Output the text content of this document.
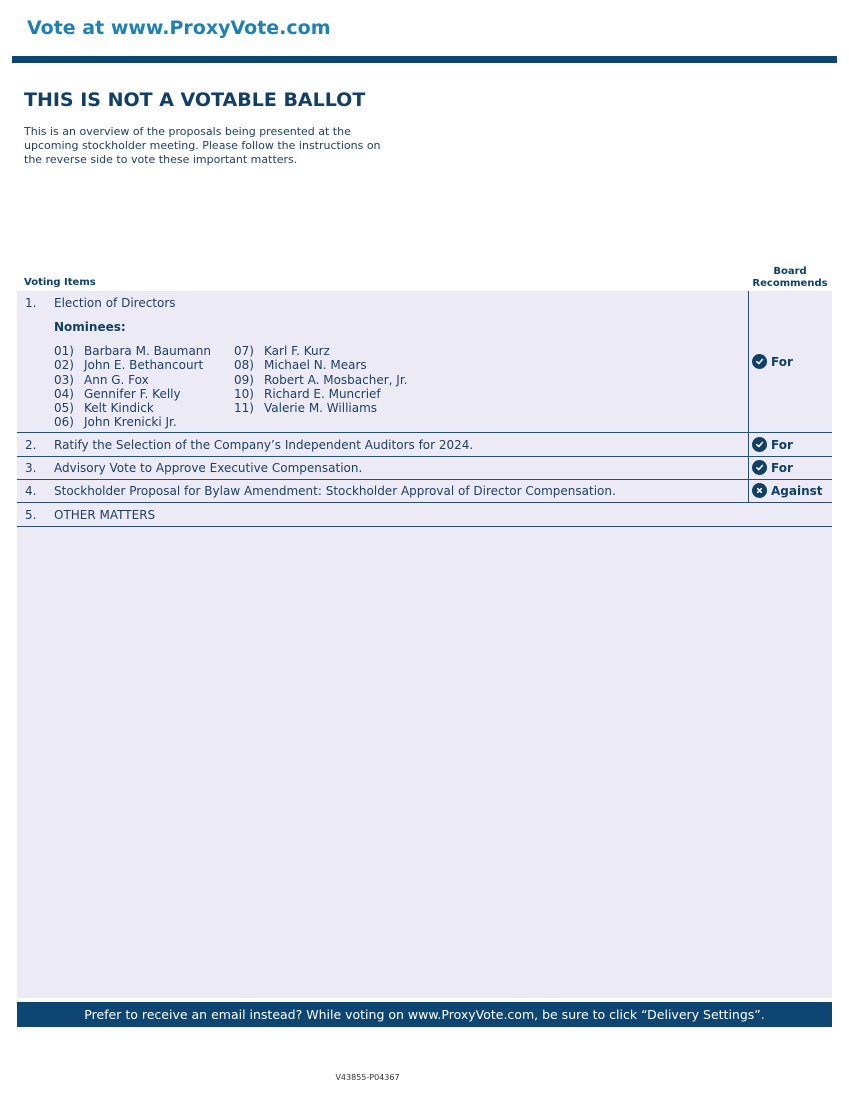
Vote at www.ProxyVote.com
THIS IS NOT A VOTABLE BALLOT

This is an overview of the proposals being presented at the

upcoming stockholder meeting. Please follow the instructions on

the reverse side to vote these important matters.

Voting Items
Board
Recommends
1. Election of Directors
Nominees:
01) Barbara M. Baumann
02) John E. Bethancourt
03) Ann G. Fox
04) Gennifer F. Kelly
05) Kelt Kindick
06) John Krenicki Jr.
07) Karl F. Kurz
08) Michael N. Mears
09) Robert A. Mosbacher, Jr.
10) Richard E. Muncrief
11) Valerie M. Williams
For
2. Ratify the Selection of the Company’s Independent Auditors for 2024.	For
3. Advisory Vote to Approve Executive Compensation.	For
4. Stockholder Proposal for Bylaw Amendment: Stockholder Approval of Director Compensation.	Against
5. OTHER MATTERS
Prefer to receive an email instead? While voting on www.ProxyVote.com, be sure to click “Delivery Settings”.
V43855-P04367
